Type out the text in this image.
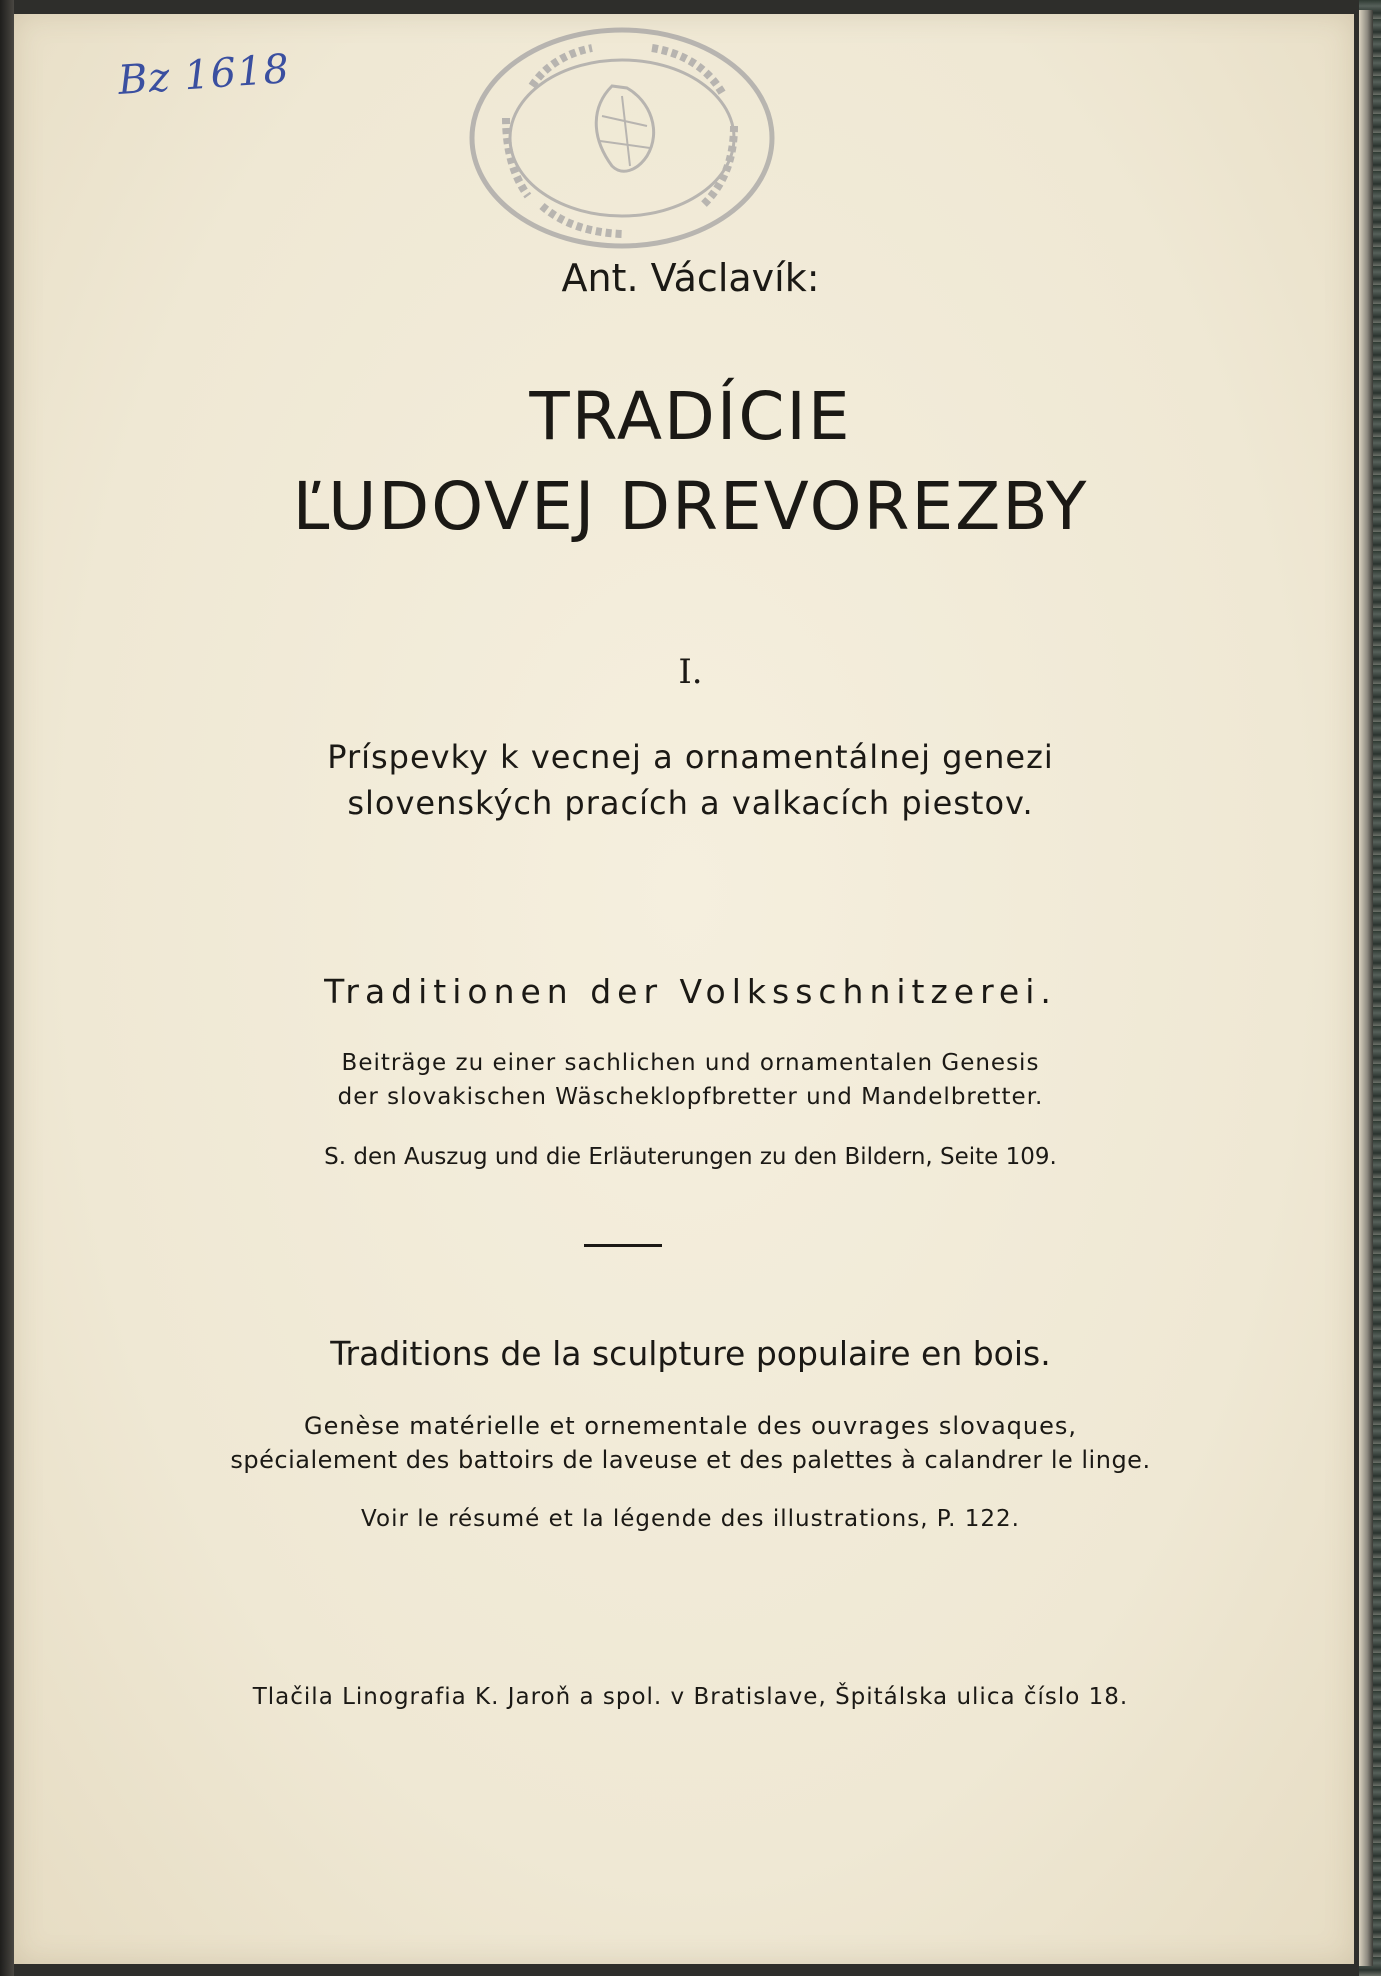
Bz 1618
Ant. Václavík:
TRADÍCIE
ĽUDOVEJ DREVOREZBY
I.
Príspevky k vecnej a ornamentálnej genezi
slovenských pracích a valkacích piestov.
Traditionen der Volksschnitzerei.
Beiträge zu einer sachlichen und ornamentalen Genesis
der slovakischen Wäscheklopfbretter und Mandelbretter.
S. den Auszug und die Erläuterungen zu den Bildern, Seite 109.
Traditions de la sculpture populaire en bois.
Genèse matérielle et ornementale des ouvrages slovaques,
spécialement des battoirs de laveuse et des palettes à calandrer le linge.
Voir le résumé et la légende des illustrations, P. 122.
Tlačila Linografia K. Jaroň a spol. v Bratislave, Špitálska ulica číslo 18.
